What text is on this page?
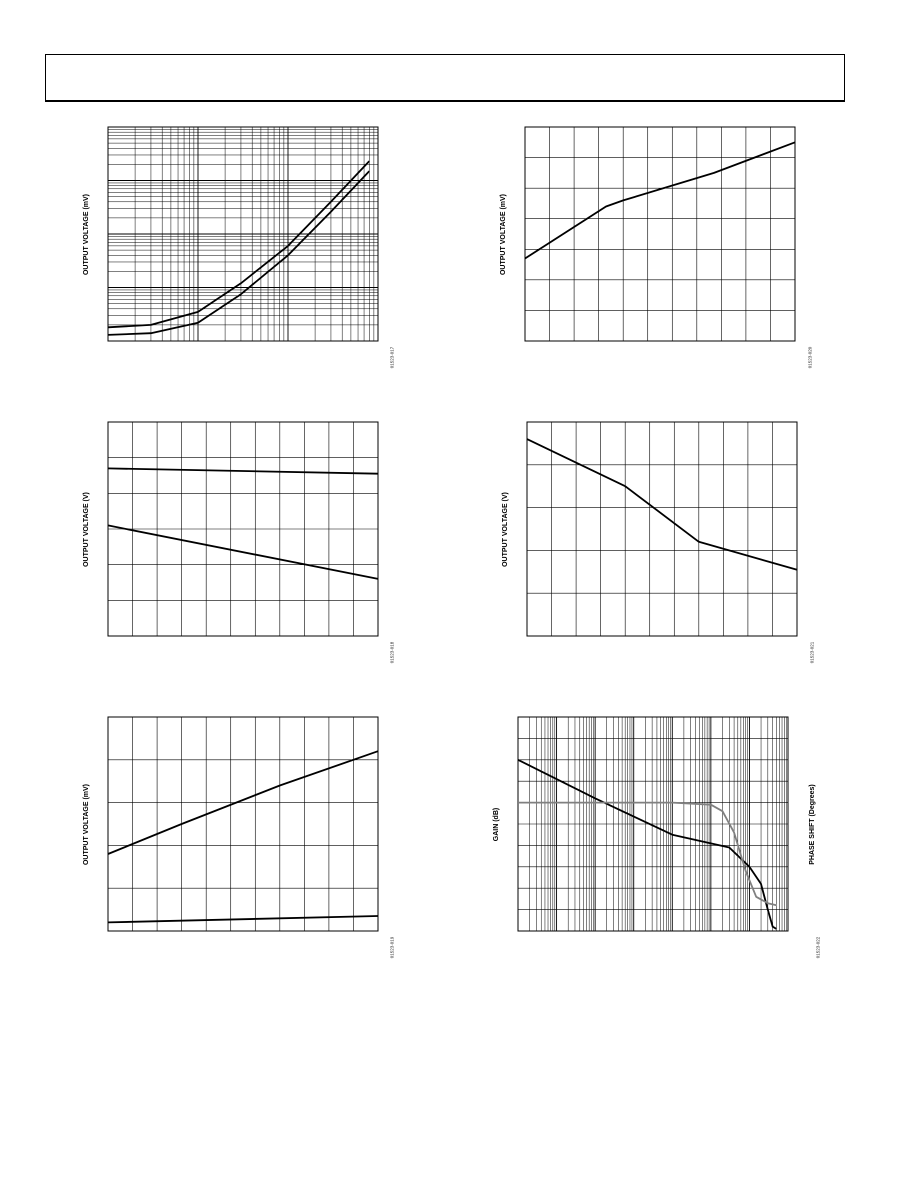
OUTPUT VOLTAGE (mV)
01523-017
OUTPUT VOLTAGE (mV)
01523-020
OUTPUT VOLTAGE (V)
01523-018
OUTPUT VOLTAGE (V)
01523-021
OUTPUT VOLTAGE (mV)
01523-019
GAIN (dB)	PHASE SHIFT (Degrees)
01523-022
